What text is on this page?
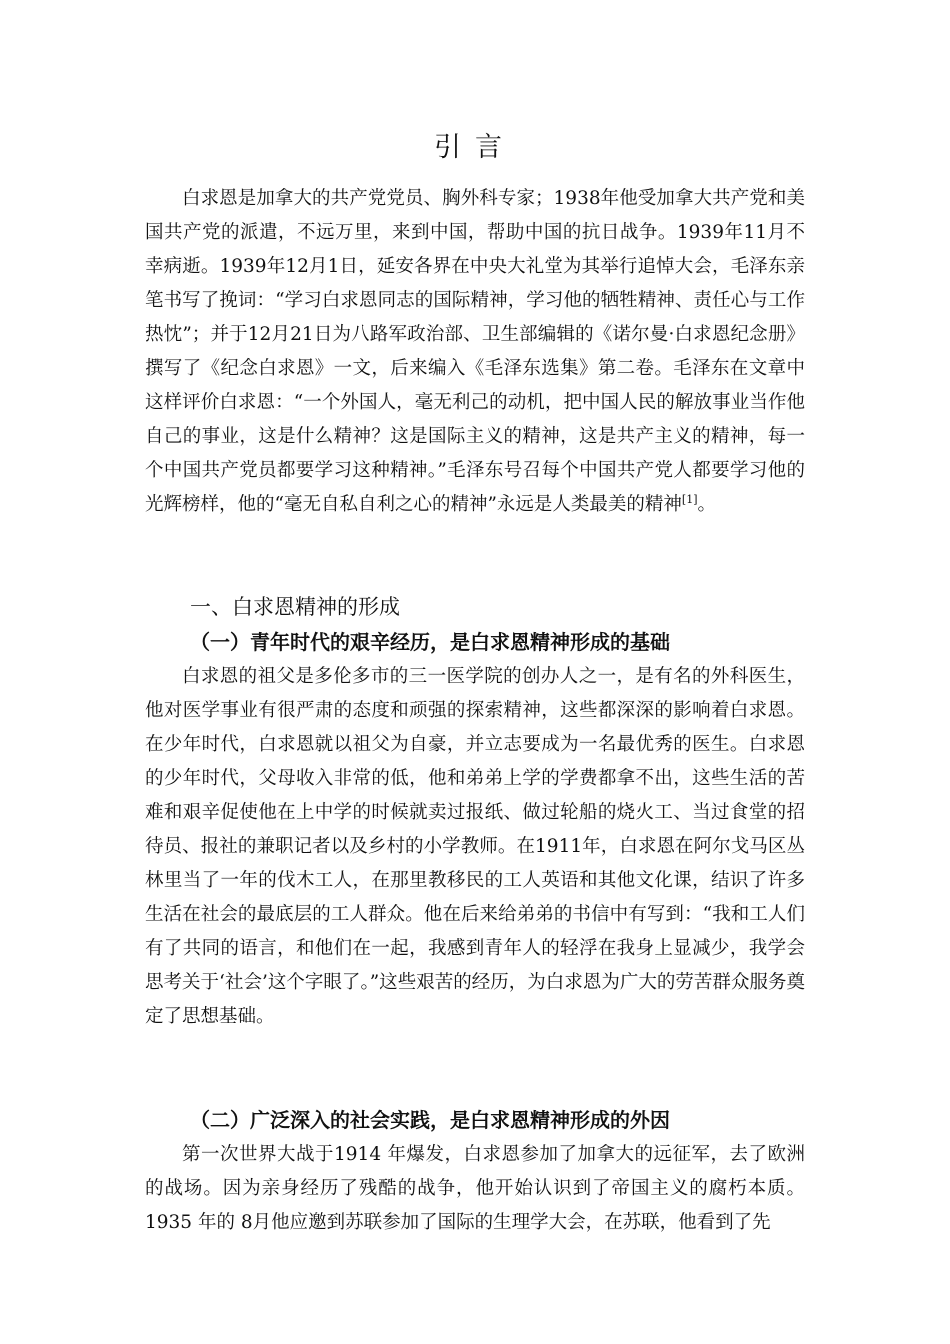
引言

白求恩是加拿大的共产党党员、胸外科专家；1938年他受加拿大共产党和美国共产党的派遣，不远万里，来到中国，帮助中国的抗日战争。1939年11月不幸病逝。1939年12月1日，延安各界在中央大礼堂为其举行追悼大会，毛泽东亲笔书写了挽词：“学习白求恩同志的国际精神，学习他的牺牲精神、责任心与工作热忱”；并于12月21日为八路军政治部、卫生部编辑的《诺尔曼·白求恩纪念册》撰写了《纪念白求恩》一文，后来编入《毛泽东选集》第二卷。毛泽东在文章中这样评价白求恩：“一个外国人，毫无利己的动机，把中国人民的解放事业当作他自己的事业，这是什么精神？这是国际主义的精神，这是共产主义的精神，每一个中国共产党员都要学习这种精神。”毛泽东号召每个中国共产党人都要学习他的光辉榜样，他的“毫无自私自利之心的精神”永远是人类最美的精神[1]。

一、白求恩精神的形成
（一）青年时代的艰辛经历，是白求恩精神形成的基础

白求恩的祖父是多伦多市的三一医学院的创办人之一，是有名的外科医生，他对医学事业有很严肃的态度和顽强的探索精神，这些都深深的影响着白求恩。在少年时代，白求恩就以祖父为自豪，并立志要成为一名最优秀的医生。白求恩的少年时代，父母收入非常的低，他和弟弟上学的学费都拿不出，这些生活的苦难和艰辛促使他在上中学的时候就卖过报纸、做过轮船的烧火工、当过食堂的招待员、报社的兼职记者以及乡村的小学教师。在1911年，白求恩在阿尔戈马区丛林里当了一年的伐木工人，在那里教移民的工人英语和其他文化课，结识了许多生活在社会的最底层的工人群众。他在后来给弟弟的书信中有写到：“我和工人们有了共同的语言，和他们在一起，我感到青年人的轻浮在我身上显减少，我学会思考关于‘社会’这个字眼了。”这些艰苦的经历，为白求恩为广大的劳苦群众服务奠定了思想基础。

（二）广泛深入的社会实践，是白求恩精神形成的外因

第一次世界大战于1914 年爆发，白求恩参加了加拿大的远征军，去了欧洲的战场。因为亲身经历了残酷的战争，他开始认识到了帝国主义的腐朽本质。1935 年的 8月他应邀到苏联参加了国际的生理学大会，在苏联，他看到了先
